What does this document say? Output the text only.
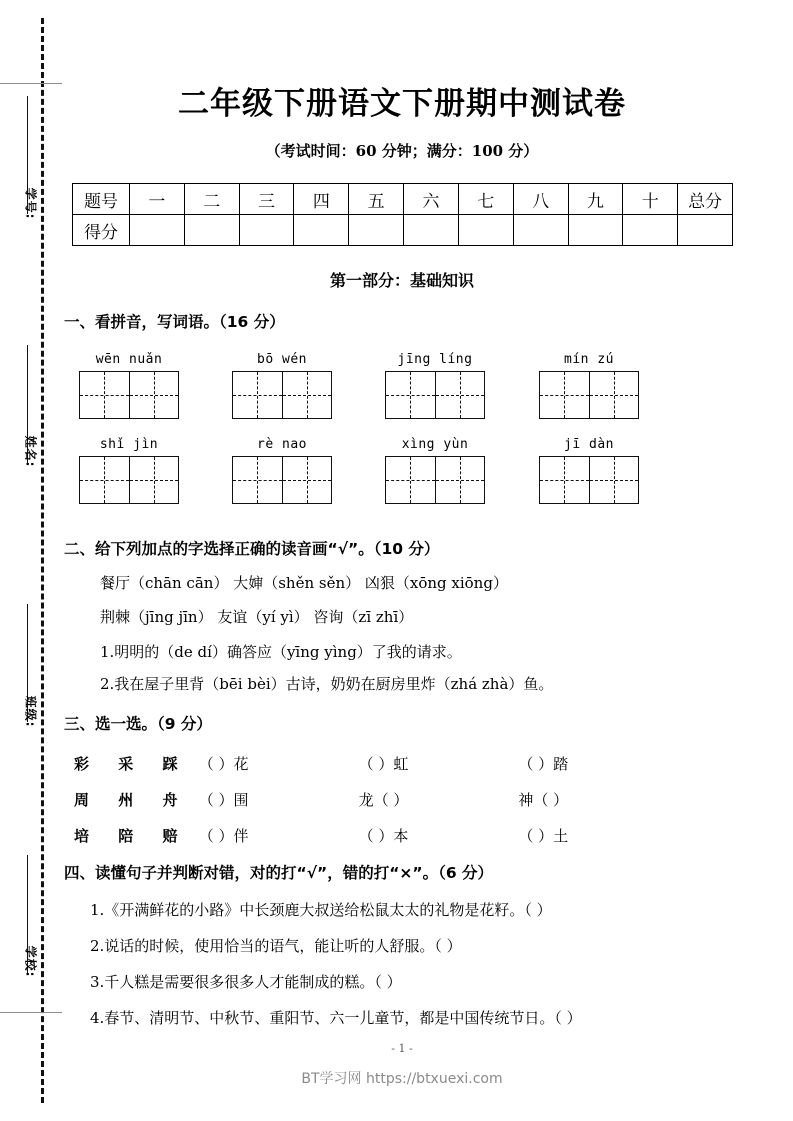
学号:
姓名:
班级:
学校:
二年级下册语文下册期中测试卷
（考试时间：60 分钟；满分：100 分）
题号	一	二	三	四	五	六	七	八	九	十	总分
得分											
第一部分：基础知识
一、看拼音，写词语。（16 分）
wēn nuǎn	bō wén	jīng líng	mín zú
shǐ jìn	rè nao	xìng yùn	jī dàn
二、给下列加点的字选择正确的读音画“√”。（10 分）
餐厅（chān cān） 大婶（shěn sěn） 凶狠（xōng xiōng）
荆棘（jīng jīn） 友谊（yí yì） 咨询（zī zhī）
1.明明的（de dí）确答应（yīng yìng）了我的请求。
2.我在屋子里背（bēi bèi）古诗，奶奶在厨房里炸（zhá zhà）鱼。
三、选一选。（9 分）
彩 采 踩 （ ）花	（ ）虹	（ ）踏
周 州 舟 （ ）围	龙（ ）	神（ ）
培 陪 赔 （ ）伴	（ ）本	（ ）土
四、读懂句子并判断对错，对的打“√”，错的打“×”。（6 分）
1.《开满鲜花的小路》中长颈鹿大叔送给松鼠太太的礼物是花籽。（ ）
2.说话的时候，使用恰当的语气，能让听的人舒服。（ ）
3.千人糕是需要很多很多人才能制成的糕。（ ）
4.春节、清明节、中秋节、重阳节、六一儿童节，都是中国传统节日。（ ）
- 1 -
BT学习网 https://btxuexi.com
